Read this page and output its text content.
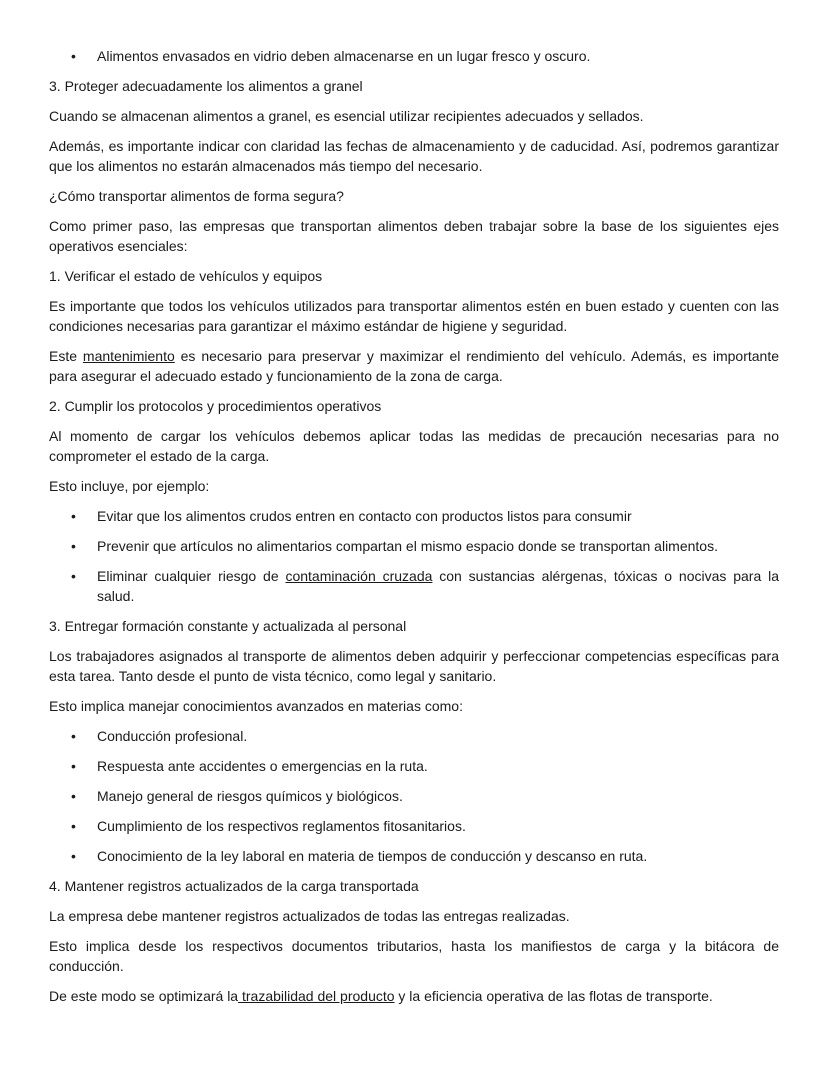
• Alimentos envasados en vidrio deben almacenarse en un lugar fresco y oscuro.

3. Proteger adecuadamente los alimentos a granel

Cuando se almacenan alimentos a granel, es esencial utilizar recipientes adecuados y sellados.

Además, es importante indicar con claridad las fechas de almacenamiento y de caducidad. Así, podremos garantizar que los alimentos no estarán almacenados más tiempo del necesario.

¿Cómo transportar alimentos de forma segura?

Como primer paso, las empresas que transportan alimentos deben trabajar sobre la base de los siguientes ejes operativos esenciales:

1. Verificar el estado de vehículos y equipos

Es importante que todos los vehículos utilizados para transportar alimentos estén en buen estado y cuenten con las condiciones necesarias para garantizar el máximo estándar de higiene y seguridad.

Este mantenimiento es necesario para preservar y maximizar el rendimiento del vehículo. Además, es importante para asegurar el adecuado estado y funcionamiento de la zona de carga.

2. Cumplir los protocolos y procedimientos operativos

Al momento de cargar los vehículos debemos aplicar todas las medidas de precaución necesarias para no comprometer el estado de la carga.

Esto incluye, por ejemplo:

• Evitar que los alimentos crudos entren en contacto con productos listos para consumir
• Prevenir que artículos no alimentarios compartan el mismo espacio donde se transportan alimentos.
• Eliminar cualquier riesgo de contaminación cruzada con sustancias alérgenas, tóxicas o nocivas para la salud.

3. Entregar formación constante y actualizada al personal

Los trabajadores asignados al transporte de alimentos deben adquirir y perfeccionar competencias específicas para esta tarea. Tanto desde el punto de vista técnico, como legal y sanitario.

Esto implica manejar conocimientos avanzados en materias como:

• Conducción profesional.
• Respuesta ante accidentes o emergencias en la ruta.
• Manejo general de riesgos químicos y biológicos.
• Cumplimiento de los respectivos reglamentos fitosanitarios.
• Conocimiento de la ley laboral en materia de tiempos de conducción y descanso en ruta.

4. Mantener registros actualizados de la carga transportada

La empresa debe mantener registros actualizados de todas las entregas realizadas.

Esto implica desde los respectivos documentos tributarios, hasta los manifiestos de carga y la bitácora de conducción.

De este modo se optimizará la trazabilidad del producto y la eficiencia operativa de las flotas de transporte.
